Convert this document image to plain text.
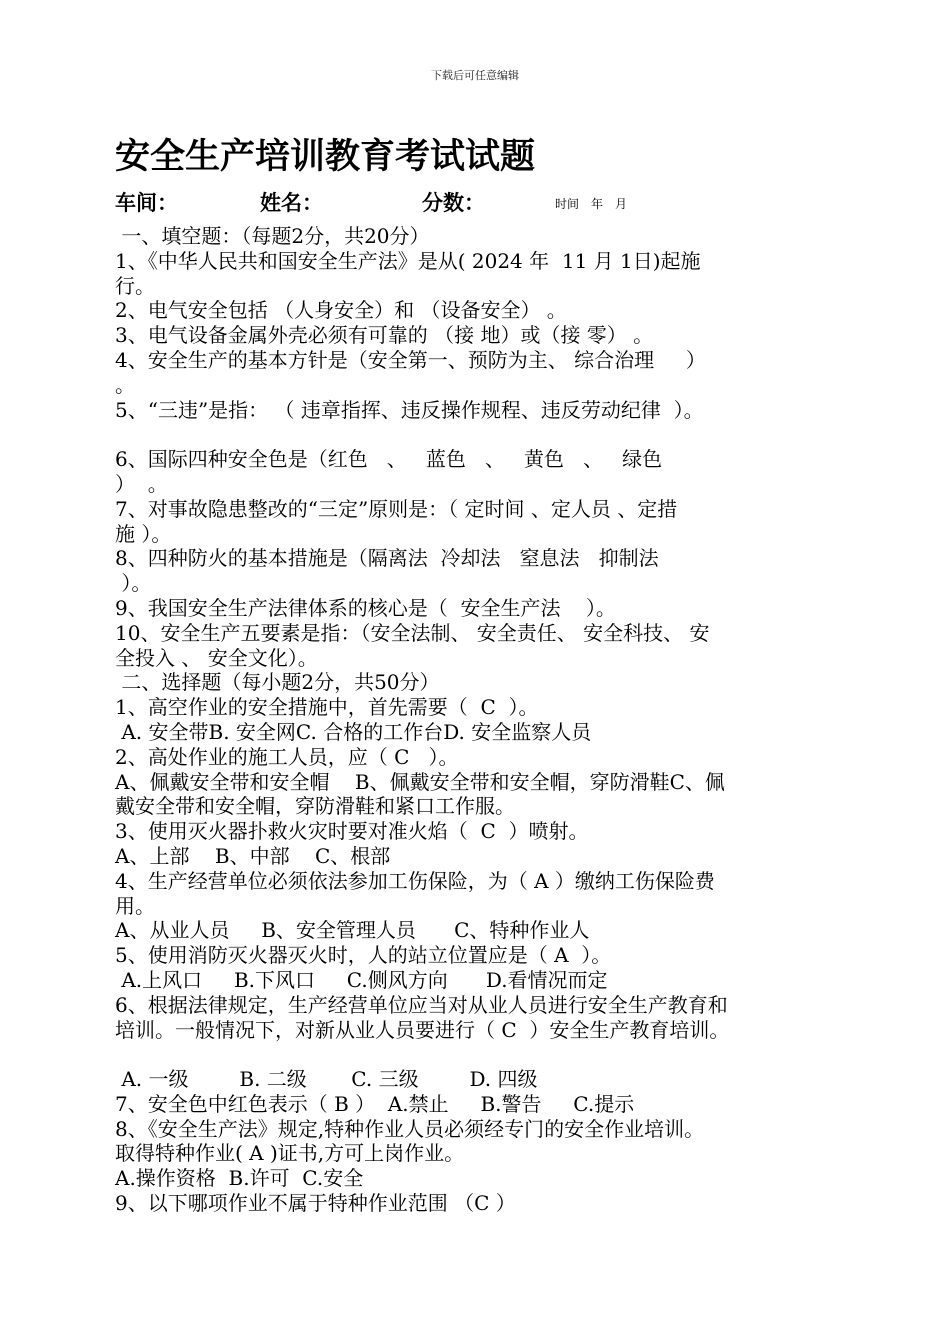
下载后可任意编辑
安全生产培训教育考试试题
车间：	姓名：	分数：	时间　年　月
一、填空题：（每题2分，共20分）
1、《中华人民共和国安全生产法》是从( 2024 年  11 月 1日)起施
行。
2、电气安全包括 （人身安全）和 （设备安全） 。
3、电气设备金属外壳必须有可靠的 （接 地）或（接 零） 。
4、安全生产的基本方针是（安全第一、预防为主、 综合治理     ）
。
5、“三违”是指： （ 违章指挥、违反操作规程、违反劳动纪律  ）。
6、国际四种安全色是（红色   、   蓝色   、   黄色   、   绿色
）  。
7、对事故隐患整改的“三定”原则是：（ 定时间 、定人员 、定措
施 ）。
8、四种防火的基本措施是（隔离法  冷却法   窒息法   抑制法
）。
9、我国安全生产法律体系的核心是（  安全生产法    ）。
10、安全生产五要素是指：（安全法制、 安全责任、 安全科技、 安
全投入 、 安全文化）。
二、选择题（每小题2分，共50分）
1、高空作业的安全措施中，首先需要（  C  ）。
A. 安全带B. 安全网C. 合格的工作台D. 安全监察人员
2、高处作业的施工人员，应（ C   ）。
A、佩戴安全带和安全帽    B、佩戴安全带和安全帽，穿防滑鞋C、佩
戴安全带和安全帽，穿防滑鞋和紧口工作服。
3、使用灭火器扑救火灾时要对准火焰（  C  ）喷射。
A、上部    B、中部    C、根部
4、生产经营单位必须依法参加工伤保险，为（ A ）缴纳工伤保险费
用。
A、从业人员     B、安全管理人员      C、特种作业人
5、使用消防灭火器灭火时，人的站立位置应是（ A  ）。
A.上风口     B.下风口     C.侧风方向      D.看情况而定
6、根据法律规定，生产经营单位应当对从业人员进行安全生产教育和
培训。一般情况下，对新从业人员要进行（ C  ）安全生产教育培训。
A. 一级        B. 二级       C. 三级        D. 四级
7、安全色中红色表示（ B ）  A.禁止     B.警告     C.提示
8、《安全生产法》规定,特种作业人员必须经专门的安全作业培训。
取得特种作业( A )证书,方可上岗作业。
A.操作资格  B.许可  C.安全
9、以下哪项作业不属于特种作业范围 （C ）
